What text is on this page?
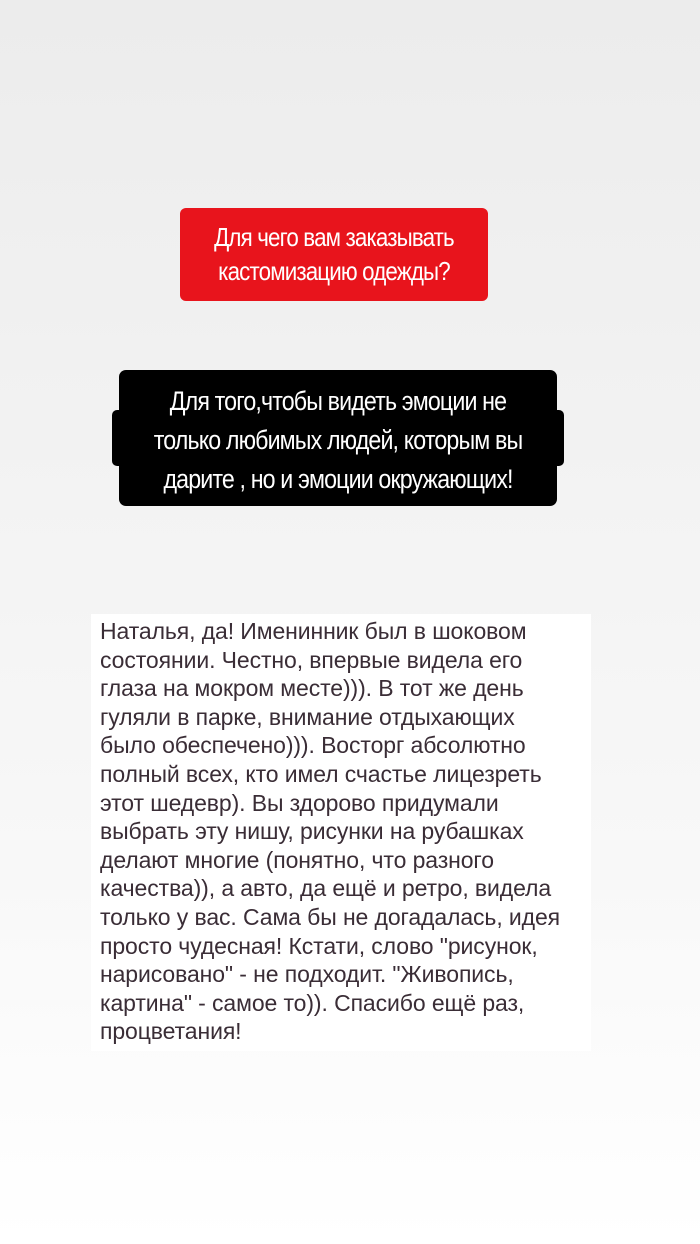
Для чего вам заказывать
кастомизацию одежды?
Для того,чтобы видеть эмоции не
только любимых людей, которым вы
дарите , но и эмоции окружающих!
Наталья, да! Именинник был в шоковом
состоянии. Честно, впервые видела его
глаза на мокром месте))). В тот же день
гуляли в парке, внимание отдыхающих
было обеспечено))). Восторг абсолютно
полный всех, кто имел счастье лицезреть
этот шедевр). Вы здорово придумали
выбрать эту нишу, рисунки на рубашках
делают многие (понятно, что разного
качества)), а авто, да ещё и ретро, видела
только у вас. Сама бы не догадалась, идея
просто чудесная! Кстати, слово "рисунок,
нарисовано" - не подходит. "Живопись,
картина" - самое то)). Спасибо ещё раз,
процветания!
